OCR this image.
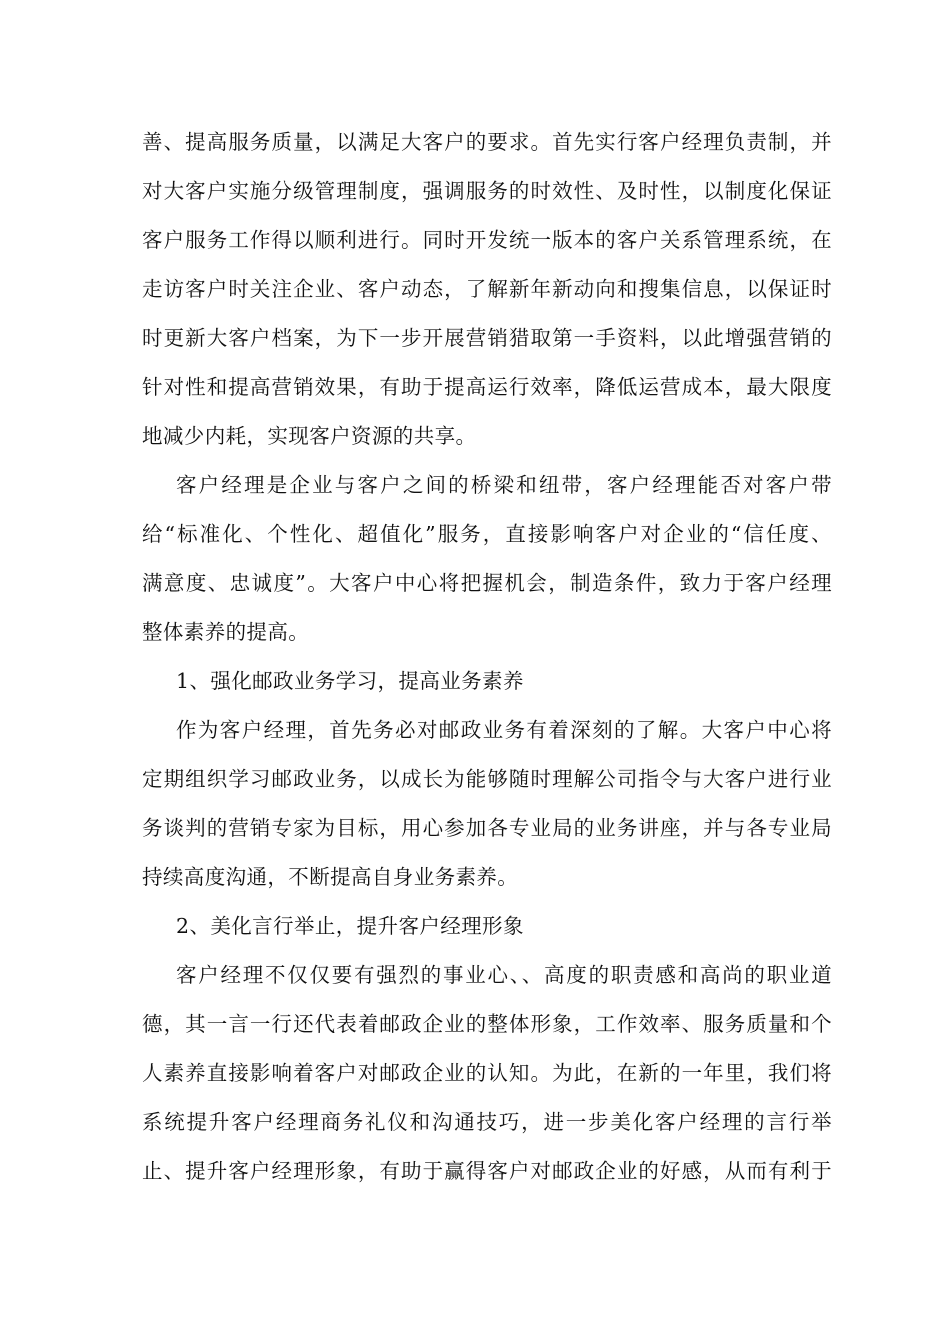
善、提高服务质量，以满足大客户的要求。首先实行客户经理负责制，并
对大客户实施分级管理制度，强调服务的时效性、及时性，以制度化保证
客户服务工作得以顺利进行。同时开发统一版本的客户关系管理系统，在
走访客户时关注企业、客户动态，了解新年新动向和搜集信息，以保证时
时更新大客户档案，为下一步开展营销猎取第一手资料，以此增强营销的
针对性和提高营销效果，有助于提高运行效率，降低运营成本，最大限度
地减少内耗，实现客户资源的共享。
客户经理是企业与客户之间的桥梁和纽带，客户经理能否对客户带
给“标准化、个性化、超值化”服务，直接影响客户对企业的“信任度、
满意度、忠诚度”。大客户中心将把握机会，制造条件，致力于客户经理
整体素养的提高。
1、强化邮政业务学习，提高业务素养
作为客户经理，首先务必对邮政业务有着深刻的了解。大客户中心将
定期组织学习邮政业务，以成长为能够随时理解公司指令与大客户进行业
务谈判的营销专家为目标，用心参加各专业局的业务讲座，并与各专业局
持续高度沟通，不断提高自身业务素养。
2、美化言行举止，提升客户经理形象
客户经理不仅仅要有强烈的事业心、、高度的职责感和高尚的职业道
德，其一言一行还代表着邮政企业的整体形象，工作效率、服务质量和个
人素养直接影响着客户对邮政企业的认知。为此，在新的一年里，我们将
系统提升客户经理商务礼仪和沟通技巧，进一步美化客户经理的言行举
止、提升客户经理形象，有助于赢得客户对邮政企业的好感，从而有利于
